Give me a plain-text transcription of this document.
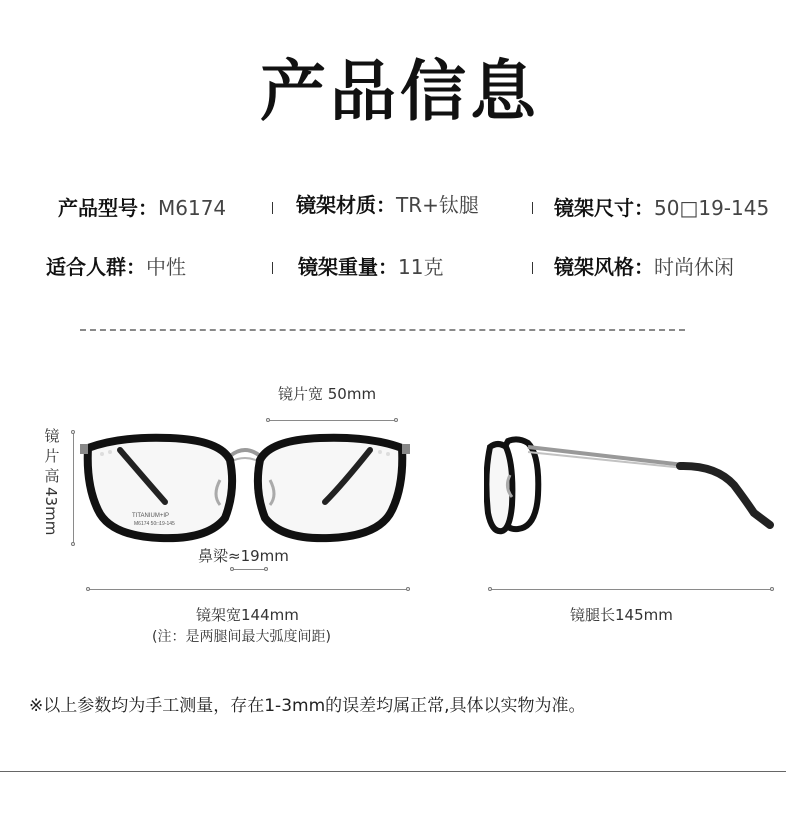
产品信息
产品型号：M6174	镜架材质：TR+钛腿	镜架尺寸：50□19-145
适合人群：中性	镜架重量：11克	镜架风格：时尚休闲
镜片宽 50mm
镜
片
高
43mm	TITANIUM+IP
M6174 50□19-145
鼻梁≈19mm
镜架宽144mm
(注：是两腿间最大弧度间距)
镜腿长145mm
※以上参数均为手工测量，存在1-3mm的误差均属正常,具体以实物为准。
